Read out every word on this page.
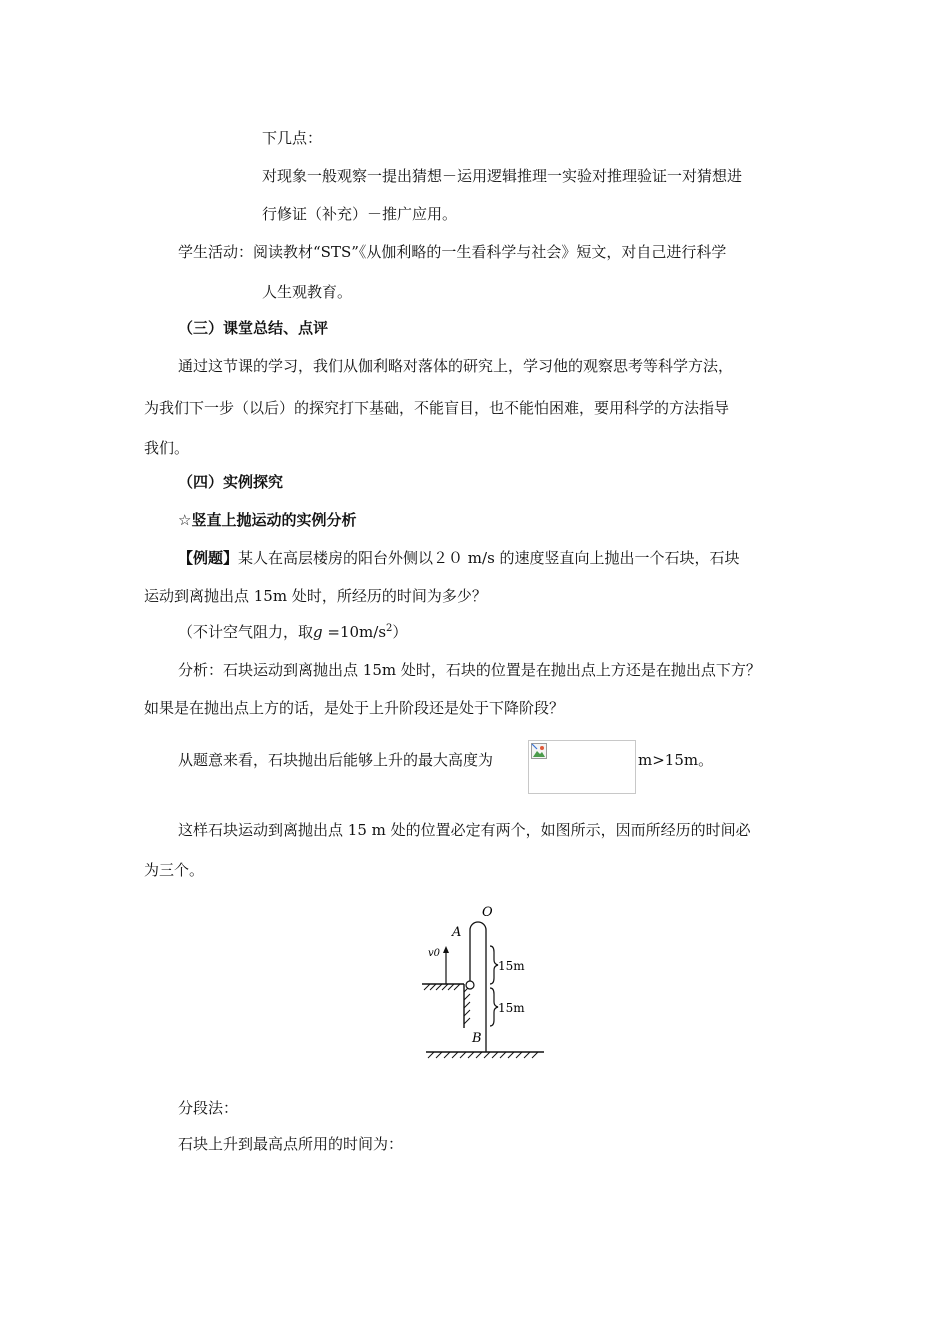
下几点：
对现象一般观察一提出猜想－运用逻辑推理一实验对推理验证一对猜想进
行修证（补充）－推广应用。
学生活动：阅读教材“STS”《从伽利略的一生看科学与社会》短文，对自己进行科学
人生观教育。
（三）课堂总结、点评
通过这节课的学习，我们从伽利略对落体的研究上，学习他的观察思考等科学方法，
为我们下一步（以后）的探究打下基础，不能盲目，也不能怕困难，要用科学的方法指导
我们。
（四）实例探究
☆竖直上抛运动的实例分析
【例题】某人在高层楼房的阳台外侧以２０ m/s 的速度竖直向上抛出一个石块，石块
运动到离抛出点 15m 处时，所经历的时间为多少？
（不计空气阻力，取$g =10m/s^2$）
分析：石块运动到离抛出点 15m 处时，石块的位置是在抛出点上方还是在抛出点下方？
如果是在抛出点上方的话，是处于上升阶段还是处于下降阶段？
从题意来看，石块抛出后能够上升的最大高度为	m>15m。
这样石块运动到离抛出点 15 m 处的位置必定有两个，如图所示，因而所经历的时间必
为三个。
v0
O
A
B
15m
15m
分段法：
石块上升到最高点所用的时间为：
